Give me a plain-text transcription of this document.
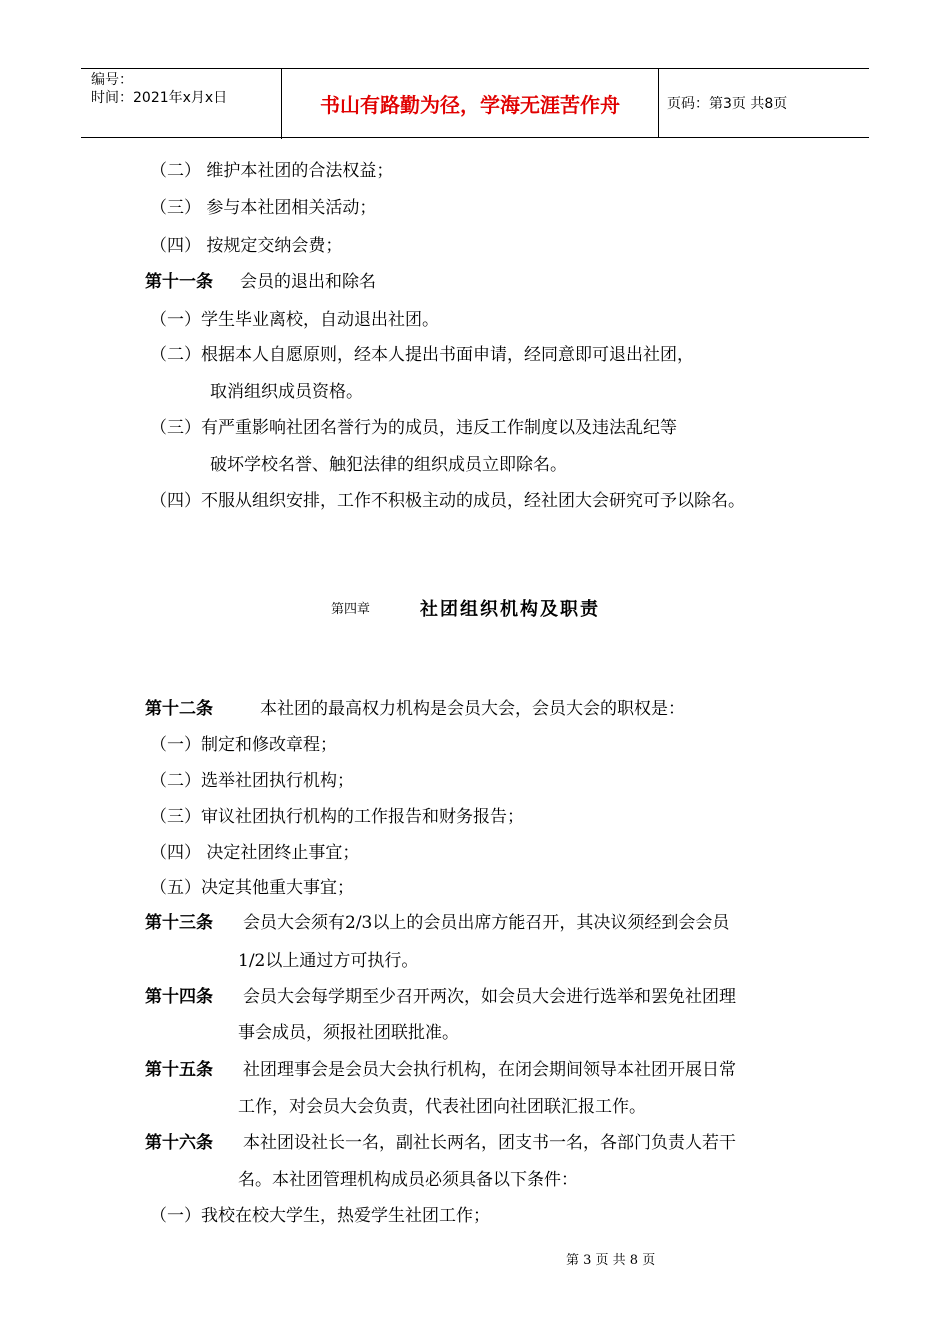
编号：
时间：2021年x月x日	书山有路勤为径，学海无涯苦作舟	页码：第3页 共8页
（二） 维护本社团的合法权益；
（三） 参与本社团相关活动；
（四） 按规定交纳会费；
第十一条 会员的退出和除名
（一）学生毕业离校，自动退出社团。
（二）根据本人自愿原则，经本人提出书面申请，经同意即可退出社团，
取消组织成员资格。
（三）有严重影响社团名誉行为的成员，违反工作制度以及违法乱纪等
破坏学校名誉、触犯法律的组织成员立即除名。
（四）不服从组织安排，工作不积极主动的成员，经社团大会研究可予以除名。
第四章	社团组织机构及职责
第十二条	本社团的最高权力机构是会员大会，会员大会的职权是：
（一）制定和修改章程；
（二）选举社团执行机构；
（三）审议社团执行机构的工作报告和财务报告；
（四） 决定社团终止事宜；
（五）决定其他重大事宜；
第十三条 会员大会须有2/3以上的会员出席方能召开，其决议须经到会会员
1/2以上通过方可执行。
第十四条 会员大会每学期至少召开两次，如会员大会进行选举和罢免社团理
事会成员，须报社团联批准。
第十五条 社团理事会是会员大会执行机构，在闭会期间领导本社团开展日常
工作，对会员大会负责，代表社团向社团联汇报工作。
第十六条 本社团设社长一名，副社长两名，团支书一名，各部门负责人若干
名。本社团管理机构成员必须具备以下条件：
（一）我校在校大学生，热爱学生社团工作；
第 3 页 共 8 页
